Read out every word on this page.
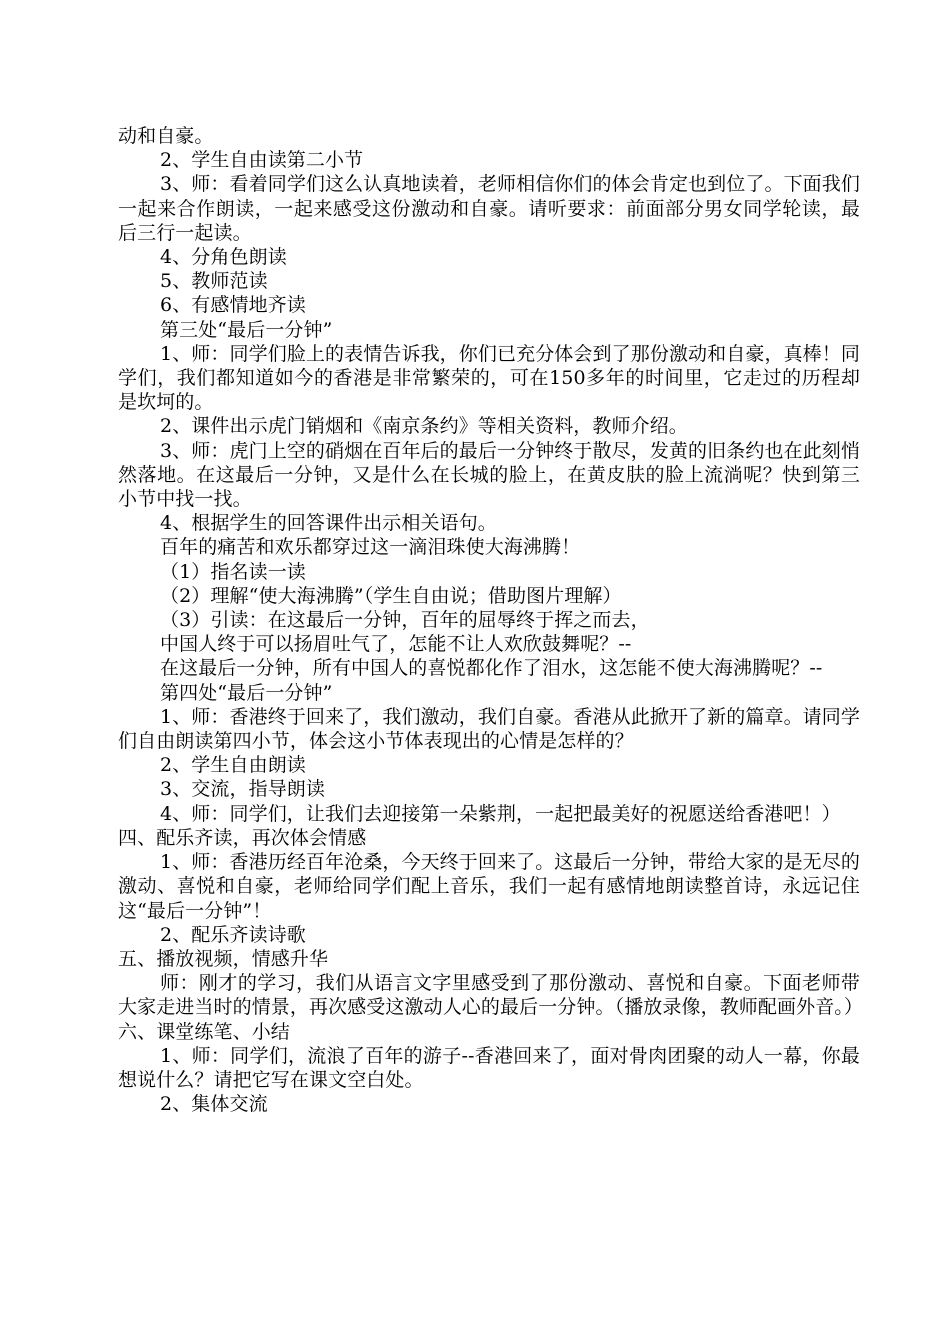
动和自豪。

2、学生自由读第二小节

3、师：看着同学们这么认真地读着，老师相信你们的体会肯定也到位了。下面我们一起来合作朗读，一起来感受这份激动和自豪。请听要求：前面部分男女同学轮读，最后三行一起读。

4、分角色朗读

5、教师范读

6、有感情地齐读

第三处“最后一分钟”

1、师：同学们脸上的表情告诉我，你们已充分体会到了那份激动和自豪，真棒！同学们，我们都知道如今的香港是非常繁荣的，可在150多年的时间里，它走过的历程却是坎坷的。

2、课件出示虎门销烟和《南京条约》等相关资料，教师介绍。

3、师：虎门上空的硝烟在百年后的最后一分钟终于散尽，发黄的旧条约也在此刻悄然落地。在这最后一分钟，又是什么在长城的脸上，在黄皮肤的脸上流淌呢？快到第三小节中找一找。

4、根据学生的回答课件出示相关语句。

百年的痛苦和欢乐都穿过这一滴泪珠使大海沸腾！

（1）指名读一读

（2）理解“使大海沸腾”（学生自由说；借助图片理解）

（3）引读：在这最后一分钟，百年的屈辱终于挥之而去，

中国人终于可以扬眉吐气了，怎能不让人欢欣鼓舞呢？--

在这最后一分钟，所有中国人的喜悦都化作了泪水，这怎能不使大海沸腾呢？--

第四处“最后一分钟”

1、师：香港终于回来了，我们激动，我们自豪。香港从此掀开了新的篇章。请同学们自由朗读第四小节，体会这小节体表现出的心情是怎样的？

2、学生自由朗读

3、交流，指导朗读

4、师：同学们，让我们去迎接第一朵紫荆，一起把最美好的祝愿送给香港吧！）

四、配乐齐读，再次体会情感

1、师：香港历经百年沧桑，今天终于回来了。这最后一分钟，带给大家的是无尽的激动、喜悦和自豪，老师给同学们配上音乐，我们一起有感情地朗读整首诗，永远记住这“最后一分钟”！

2、配乐齐读诗歌

五、播放视频，情感升华

师：刚才的学习，我们从语言文字里感受到了那份激动、喜悦和自豪。下面老师带大家走进当时的情景，再次感受这激动人心的最后一分钟。（播放录像，教师配画外音。）

六、课堂练笔、小结

1、师：同学们，流浪了百年的游子--香港回来了，面对骨肉团聚的动人一幕，你最想说什么？请把它写在课文空白处。

2、集体交流
